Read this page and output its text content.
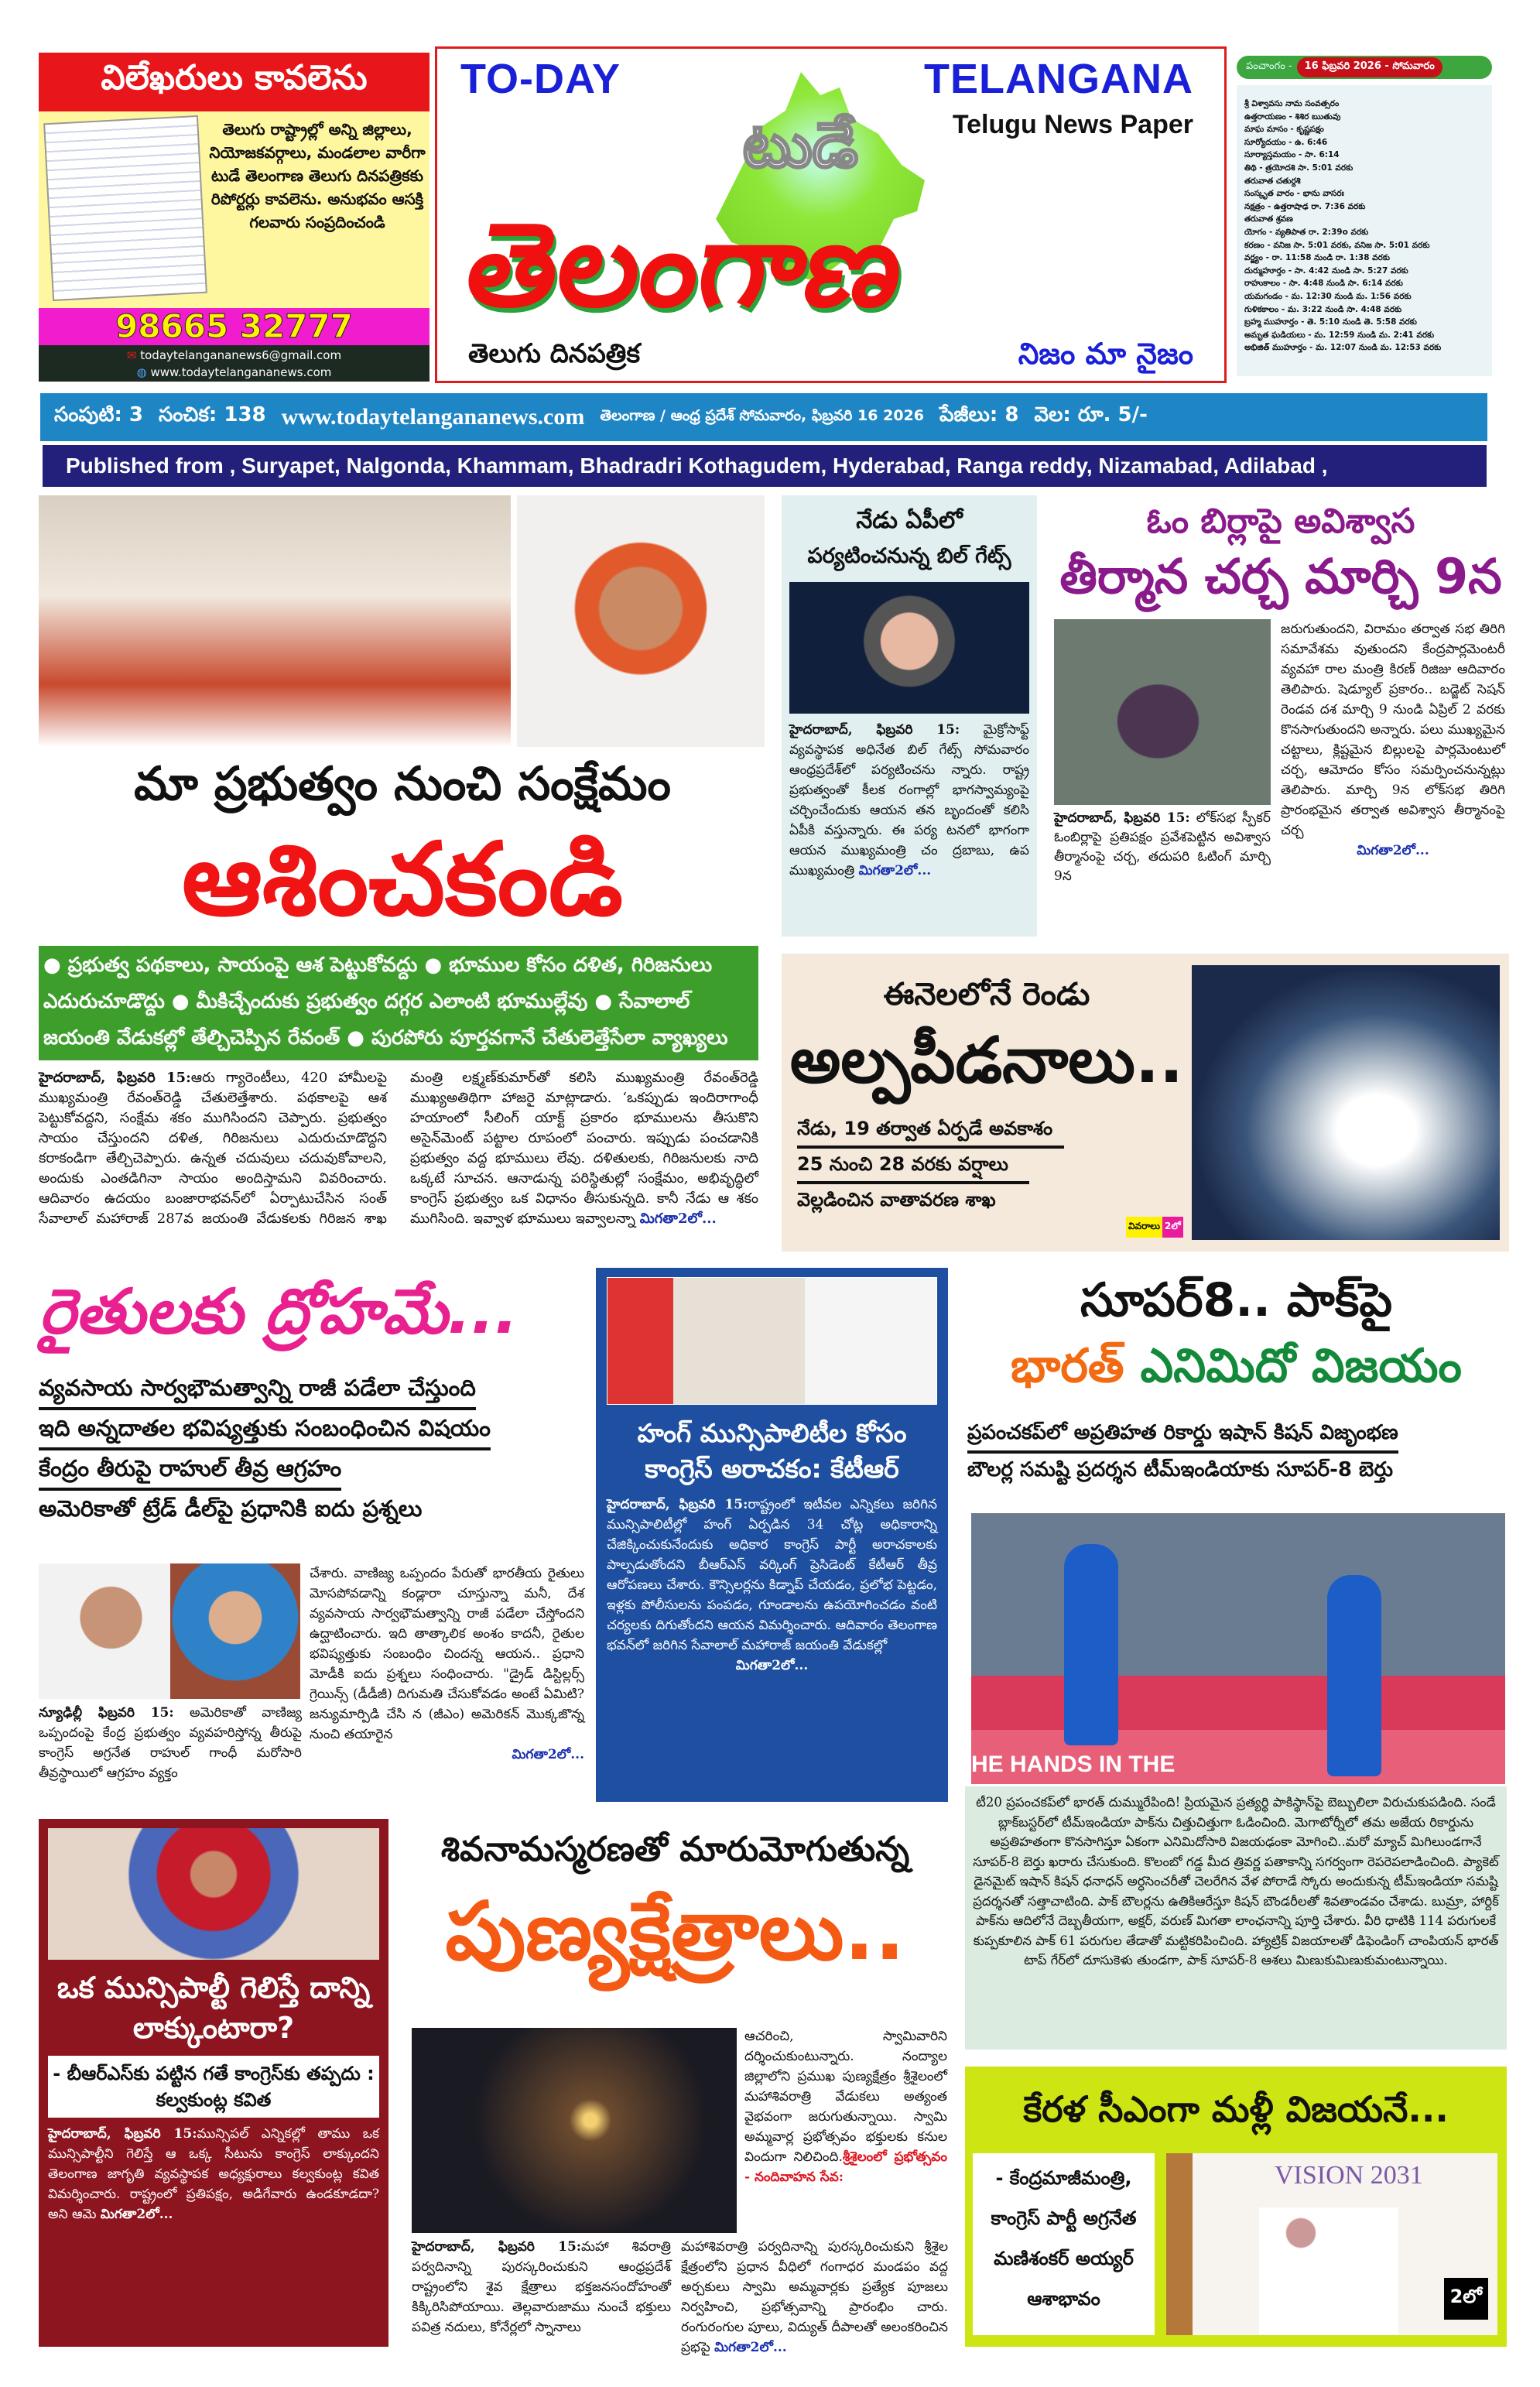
విలేఖరులు కావలెను
తెలుగు రాష్ట్రాల్లో అన్ని జిల్లాలు, నియోజకవర్గాలు, మండలాల వారీగా టుడే తెలంగాణ తెలుగు దినపత్రికకు రిపోర్టర్లు కావలెను. అనుభవం ఆసక్తి గలవారు సంప్రదించండి
98665 32777
✉ todaytelangananews6@gmail.com
◍ www.todaytelangananews.com
TO-DAY	TELANGANA
Telugu News Paper
టుడే
తెలంగాణ
తెలుగు దినపత్రిక	నిజం మా నైజం
పంచాంగం -	16 ఫిబ్రవరి 2026 - సోమవారం
శ్రీ విశ్వావసు నామ సంవత్సరం
ఉత్తరాయణం - శిశిర ఋతువు
మాఘ మాసం - కృష్ణపక్షం
సూర్యోదయం - ఉ. 6:46
సూర్యాస్తమయం - సా. 6:14
తిథి - త్రయోదశి సా. 5:01 వరకు
తరువాత చతుర్దశి
సంస్కృత వారం - భాను వాసరః
నక్షత్రం - ఉత్తరాషాఢ రా. 7:36 వరకు
తరువాత శ్రవణ
యోగం - వ్యతిపాత రా. 2:39o వరకు
కరణం - వనిజ సా. 5:01 వరకు, వనిజ సా. 5:01 వరకు
వర్జ్యం - రా. 11:58 నుండి రా. 1:38 వరకు
దుర్ముహూర్తం - సా. 4:42 నుండి సా. 5:27 వరకు
రాహుకాలం - సా. 4:48 నుండి సా. 6:14 వరకు
యమగండం - మ. 12:30 నుండి మ. 1:56 వరకు
గుళికకాలం - మ. 3:22 నుండి సా. 4:48 వరకు
బ్రహ్మ ముహూర్తం - తె. 5:10 నుండి తె. 5:58 వరకు
అమృత ఘడియలు - మ. 12:59 నుండి మ. 2:41 వరకు
అభిజిత్ ముహూర్తం - మ. 12:07 నుండి మ. 12:53 వరకు
సంపుటి: 3 సంచిక: 138 www.todaytelangananews.com తెలంగాణ / ఆంధ్ర ప్రదేశ్ సోమవారం, ఫిబ్రవరి 16 2026 పేజీలు: 8 వెల: రూ. 5/-
Published from , Suryapet, Nalgonda, Khammam, Bhadradri Kothagudem, Hyderabad, Ranga reddy, Nizamabad, Adilabad ,
మా ప్రభుత్వం నుంచి సంక్షేమం
ఆశించకండి
● ప్రభుత్వ పథకాలు, సాయంపై ఆశ పెట్టుకోవద్దు ● భూముల కోసం దళిత, గిరిజనులు ఎదురుచూడొద్దు ● మీకిచ్చేందుకు ప్రభుత్వం దగ్గర ఎలాంటి భూముల్లేవు ● సేవాలాల్ జయంతి వేడుకల్లో తేల్చిచెప్పిన రేవంత్ ● పురపోరు పూర్తవగానే చేతులెత్తేసేలా వ్యాఖ్యలు
హైదరాబాద్, ఫిబ్రవరి 15:ఆరు గ్యారెంటీలు, 420 హామీలపై ముఖ్యమంత్రి రేవంత్‌రెడ్డి చేతులెత్తేశారు. పథకాలపై ఆశ పెట్టుకోవద్దని, సంక్షేమ శకం ముగిసిందని చెప్పారు. ప్రభుత్వం సాయం చేస్తుందని దళిత, గిరిజనులు ఎదురుచూడొద్దని కరాకండిగా తేల్చిచెప్పారు. ఉన్నత చదువులు చదువుకోవాలని, అందుకు ఎంతడిగినా సాయం అందిస్తామని వివరించారు. ఆదివారం ఉదయం బంజారాభవన్‌లో ఏర్పాటుచేసిన సంత్ సేవాలాల్ మహారాజ్ 287వ జయంతి వేడుకలకు గిరిజన శాఖ మంత్రి లక్ష్మణ్‌కుమార్‌తో కలిసి ముఖ్యమంత్రి రేవంత్‌రెడ్డి ముఖ్యఅతిథిగా హాజరై మాట్లాడారు. ‘ఒకప్పుడు ఇందిరాగాంధీ హయాంలో సీలింగ్ యాక్ట్ ప్రకారం భూములను తీసుకొని అసైన్‌మెంట్ పట్టాల రూపంలో పంచారు. ఇప్పుడు పంచడానికి ప్రభుత్వం వద్ద భూములు లేవు. దళితులకు, గిరిజనులకు నాది ఒక్కటే సూచన. ఆనాడున్న పరిస్థితుల్లో సంక్షేమం, అభివృద్ధిలో కాంగ్రెస్ ప్రభుత్వం ఒక విధానం తీసుకున్నది. కానీ నేడు ఆ శకం ముగిసింది. ఇవ్వాళ భూములు ఇవ్వాలన్నా మిగతా2లో...
నేడు ఏపీలో
పర్యటించనున్న బిల్ గేట్స్
హైదరాబాద్, ఫిబ్రవరి 15: మైక్రోసాఫ్ట్ వ్యవస్థాపక అధినేత బిల్ గేట్స్ సోమవారం ఆంధ్రప్రదేశ్‌లో పర్యటించను న్నారు. రాష్ట్ర ప్రభుత్వంతో కీలక రంగాల్లో భాగస్వామ్యంపై చర్చించేందుకు ఆయన తన బృందంతో కలిసి ఏపీకి వస్తున్నారు. ఈ పర్య టనలో భాగంగా ఆయన ముఖ్యమంత్రి చం ద్రబాబు, ఉప ముఖ్యమంత్రి మిగతా2లో...
ఓం బిర్లాపై అవిశ్వాస
తీర్మాన చర్చ మార్చి 9న
హైదరాబాద్, ఫిబ్రవరి 15: లోక్‌సభ స్పీకర్ ఓంబిర్లాపై ప్రతిపక్షం ప్రవేశపెట్టిన అవిశ్వాస తీర్మానంపై చర్చ, తదుపరి ఓటింగ్ మార్చి 9న
జరుగుతుందని, విరామం తర్వాత సభ తిరిగి సమావేశమ వుతుందని కేంద్రపార్లమెంటరీ వ్యవహా రాల మంత్రి కిరణ్ రిజిజు ఆదివారం తెలిపారు. షెడ్యూల్ ప్రకారం.. బడ్జెట్ సెషన్ రెండవ దశ మార్చి 9 నుండి ఏప్రిల్ 2 వరకు కొనసాగుతుందని అన్నారు. పలు ముఖ్యమైన చట్టాలు, క్లిష్టమైన బిల్లులపై పార్లమెంటులో చర్చ, ఆమోదం కోసం సమర్పించనున్నట్లు తెలిపారు. మార్చి 9న లోక్‌సభ తిరిగి ప్రారంభమైన తర్వాత అవిశ్వాస తీర్మానంపై చర్చ
మిగతా2లో...
ఈనెలలోనే రెండు
అల్పపీడనాలు..
నేడు, 19 తర్వాత ఏర్పడే అవకాశం
25 నుంచి 28 వరకు వర్షాలు
వెల్లడించిన వాతావరణ శాఖ
వివరాలు 2లో
రైతులకు ద్రోహమే...
వ్యవసాయ సార్వభౌమత్వాన్ని రాజీ పడేలా చేస్తుంది
ఇది అన్నదాతల భవిష్యత్తుకు సంబంధించిన విషయం
కేంద్రం తీరుపై రాహుల్ తీవ్ర ఆగ్రహం
అమెరికాతో ట్రేడ్ డీల్‌పై ప్రధానికి ఐదు ప్రశ్నలు
న్యూఢిల్లీ ఫిబ్రవరి 15: అమెరికాతో వాణిజ్య ఒప్పందంపై కేంద్ర ప్రభుత్వం వ్యవహరిస్తోన్న తీరుపై కాంగ్రెస్ అగ్రనేత రాహుల్ గాంధీ మరోసారి తీవ్రస్థాయిలో ఆగ్రహం వ్యక్తం
చేశారు. వాణిజ్య ఒప్పందం పేరుతో భారతీయ రైతులు మోసపోవడాన్ని కండ్లారా చూస్తున్నా మనీ, దేశ వ్యవసాయ సార్వభౌమత్వాన్ని రాజీ పడేలా చేస్తోందని ఉద్ఘాటించారు. ఇది తాత్కాలిక అంశం కాదనీ, రైతుల భవిష్యత్తుకు సంబంధిం చిందన్న ఆయన.. ప్రధాని మోడీకి ఐదు ప్రశ్నలు సంధించారు. "డ్రైడ్ డిస్టిల్లర్స్ గ్రెయిన్స్ (డీడీజీ) దిగుమతి చేసుకోవడం అంటే ఏమిటి? జన్యుమార్పిడి చేసి న (జీఎం) అమెరికన్ మొక్కజొన్న నుంచి తయారైన
మిగతా2లో...
హంగ్ మున్సిపాలిటీల కోసం కాంగ్రెస్ అరాచకం: కేటీఆర్
హైదరాబాద్, ఫిబ్రవరి 15:రాష్ట్రంలో ఇటీవల ఎన్నికలు జరిగిన మున్సిపాలిటీల్లో హంగ్ ఏర్పడిన 34 చోట్ల అధికారాన్ని చేజిక్కించుకునేందుకు అధికార కాంగ్రెస్ పార్టీ అరాచకాలకు పాల్పడుతోందని బీఆర్ఎస్ వర్కింగ్ ప్రెసిడెంట్ కేటీఆర్ తీవ్ర ఆరోపణలు చేశారు. కౌన్సిలర్లను కిడ్నాప్ చేయడం, ప్రలోభ పెట్టడం, ఇళ్లకు పోలీసులను పంపడం, గూండాలను ఉపయోగించడం వంటి చర్యలకు దిగుతోందని ఆయన విమర్శించారు. ఆదివారం తెలంగాణ భవన్‌లో జరిగిన సేవాలాల్ మహారాజ్ జయంతి వేడుకల్లో
మిగతా2లో...
సూపర్8.. పాక్‌పై
భారత్ ఎనిమిదో విజయం
ప్రపంచకప్‌లో అప్రతిహత రికార్డు ఇషాన్ కిషన్ విజృంభణ
బౌలర్ల సమష్టి ప్రదర్శన టీమ్ఇండియాకు సూపర్-8 బెర్తు
HE HANDS IN THE
టీ20 ప్రపంచకప్‌లో భారత్ దుమ్మురేపింది! ప్రియమైన ప్రత్యర్థి పాకిస్థాన్‌పై బెబ్బులిలా విరుచుకుపడింది. సండే బ్లాక్‌బస్టర్‌లో టీమ్ఇండియా పాక్‌ను చిత్తుచిత్తుగా ఓడించింది. మెగాటోర్నీలో తమ అజేయ రికార్డును అప్రతిహతంగా కొనసాగిస్తూ ఏకంగా ఎనిమిదోసారి విజయఢంకా మోగించి..మరో మ్యాచ్ మిగిలుండగానే సూపర్-8 బెర్తు ఖరారు చేసుకుంది. కొలంబో గడ్డ మీద త్రివర్ణ పతాకాన్ని సగర్వంగా రెపరెపలాడించింది. ప్యాకెట్ డైనమైట్ ఇషాన్ కిషన్ ధనాధన్ అర్ధసెంచరీతో చెలరేగిన వేళ పోరాడే స్కోరు అందుకున్న టీమ్ఇండియా సమష్టి ప్రదర్శనతో సత్తాచాటింది. పాక్ బౌలర్లను ఉతికిఆరేస్తూ కిషన్ బౌండరీలతో శివతాండవం చేశాడు. బుమ్రా, హార్దిక్ పాక్‌ను ఆదిలోనే దెబ్బతీయగా, అక్షర్, వరుణ్ మిగతా లాంఛనాన్ని పూర్తి చేశారు. వీరి ధాటికి 114 పరుగులకే కుప్పకూలిన పాక్ 61 పరుగుల తేడాతో మట్టికరిపించింది. హ్యాట్రిక్ విజయాలతో డిఫెండింగ్ చాంపియన్ భారత్ టాప్ గేర్‌లో దూసుకెళు తుండగా, పాక్ సూపర్-8 ఆశలు మిణుకుమిణుకుమంటున్నాయి.
ఒక మున్సిపాల్టీ గెలిస్తే దాన్ని లాక్కుంటారా?
- బీఆర్ఎస్‌కు పట్టిన గతే కాంగ్రెస్‌కు తప్పదు : కల్వకుంట్ల కవిత
హైదరాబాద్, ఫిబ్రవరి 15:మున్సిపల్ ఎన్నికల్లో తాము ఒక మున్సిపాల్టీని గెలిస్తే ఆ ఒక్క సీటును కాంగ్రెస్ లాక్కుందని తెలంగాణ జాగృతి వ్యవస్థాపక అధ్యక్షురాలు కల్వకుంట్ల కవిత విమర్శించారు. రాష్ట్రంలో ప్రతిపక్షం, అడిగేవారు ఉండకూడదా? అని ఆమె మిగతా2లో...
శివనామస్మరణతో మారుమోగుతున్న
పుణ్యక్షేత్రాలు..
ఆచరించి, స్వామివారిని దర్శించుకుంటున్నారు. నంద్యాల జిల్లాలోని ప్రముఖ పుణ్యక్షేత్రం శ్రీశైలంలో మహాశివరాత్రి వేడుకలు అత్యంత వైభవంగా జరుగుతున్నాయి. స్వామి అమ్మవార్ల ప్రభోత్సవం భక్తులకు కనుల విందుగా నిలిచింది.శ్రీశైలంలో ప్రభోత్సవం - నందివాహన సేవ:
హైదరాబాద్, ఫిబ్రవరి 15:మహా శివరాత్రి పర్వదినాన్ని పురస్కరించుకుని ఆంధ్రప్రదేశ్ రాష్ట్రంలోని శైవ క్షేత్రాలు భక్తజనసందోహంతో కిక్కిరిసిపోయాయి. తెల్లవారుజాము నుంచే భక్తులు పవిత్ర నదులు, కోనేర్లలో స్నానాలు
మహాశివరాత్రి పర్వదినాన్ని పురస్కరించుకుని శ్రీశైల క్షేత్రంలోని ప్రధాన వీధిలో గంగాధర మండపం వద్ద అర్చకులు స్వామి అమ్మవార్లకు ప్రత్యేక పూజలు నిర్వహించి, ప్రభోత్సవాన్ని ప్రారంభిం చారు. రంగురంగుల పూలు, విద్యుత్ దీపాలతో అలంకరించిన ప్రభపై మిగతా2లో...
కేరళ సీఎంగా మళ్లీ విజయనే...
- కేంద్రమాజీమంత్రి, కాంగ్రెస్ పార్టీ అగ్రనేత మణిశంకర్ అయ్యర్ ఆశాభావం
VISION 2031
2లో
